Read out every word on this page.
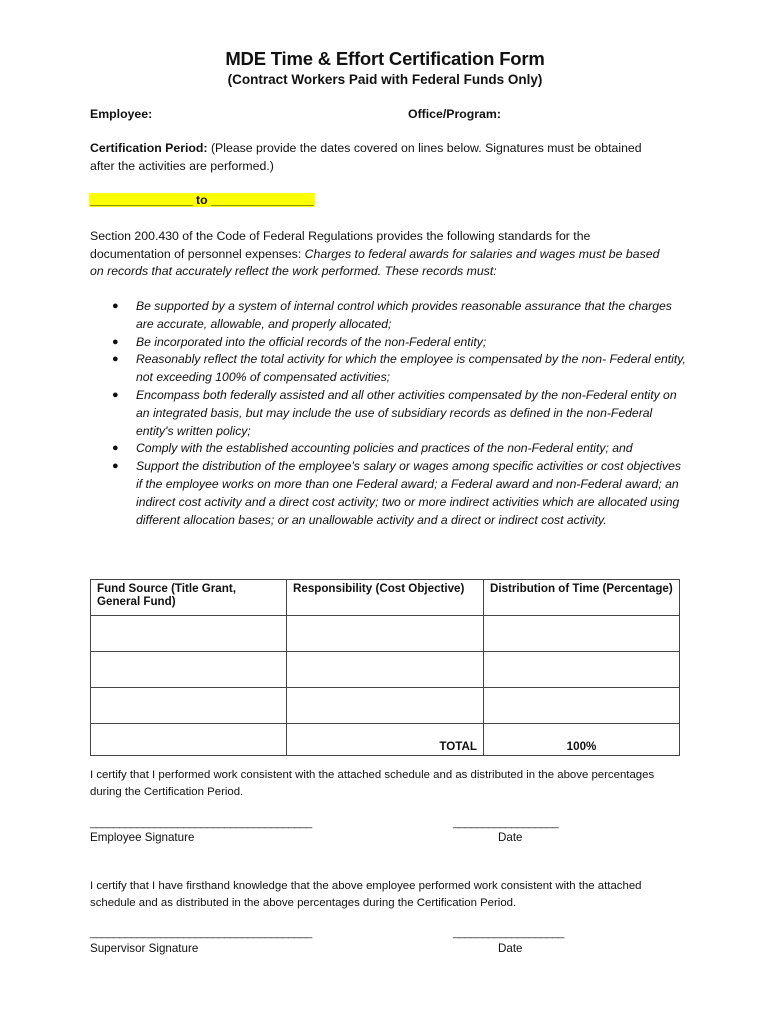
MDE Time & Effort Certification Form
(Contract Workers Paid with Federal Funds Only)
Employee:	Office/Program:
Certification Period: (Please provide the dates covered on lines below. Signatures must be obtained
after the activities are performed.)
_______________ to _______________
Section 200.430 of the Code of Federal Regulations provides the following standards for the
documentation of personnel expenses: Charges to federal awards for salaries and wages must be based
on records that accurately reflect the work performed. These records must:
● Be supported by a system of internal control which provides reasonable assurance that the charges are accurate, allowable, and properly allocated;
● Be incorporated into the official records of the non-Federal entity;
● Reasonably reflect the total activity for which the employee is compensated by the non- Federal entity, not exceeding 100% of compensated activities;
● Encompass both federally assisted and all other activities compensated by the non-Federal entity on an integrated basis, but may include the use of subsidiary records as defined in the non-Federal entity's written policy;
● Comply with the established accounting policies and practices of the non-Federal entity; and
● Support the distribution of the employee's salary or wages among specific activities or cost objectives if the employee works on more than one Federal award; a Federal award and non-Federal award; an indirect cost activity and a direct cost activity; two or more indirect activities which are allocated using different allocation bases; or an unallowable activity and a direct or indirect cost activity.
Fund Source (Title Grant, General Fund)	Responsibility (Cost Objective)	Distribution of Time (Percentage)

	TOTAL	100%
I certify that I performed work consistent with the attached schedule and as distributed in the above percentages
during the Certification Period.
______________________________________	__________________
Employee Signature	Date
I certify that I have firsthand knowledge that the above employee performed work consistent with the attached
schedule and as distributed in the above percentages during the Certification Period.
______________________________________	___________________
Supervisor Signature	Date
